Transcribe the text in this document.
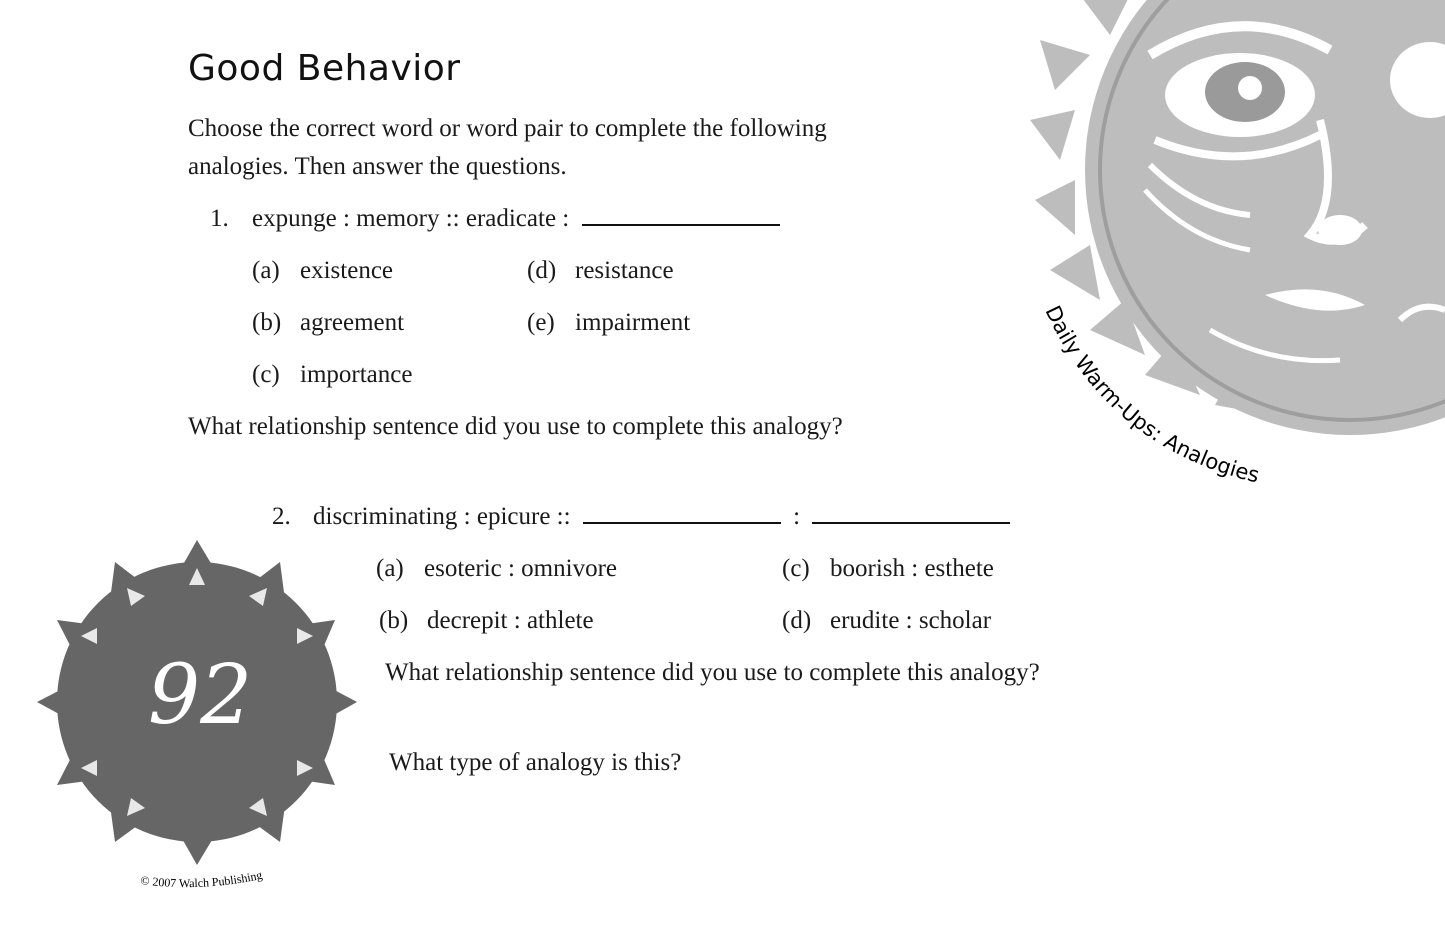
Daily Warm-Ups: Analogies
Good Behavior
Choose the correct word or word pair to complete the following
analogies. Then answer the questions.
1. expunge : memory :: eradicate :
(a) existence
(b) agreement
(c) importance
(d) resistance
(e) impairment
What relationship sentence did you use to complete this analogy?
2. discriminating : epicure ::	:
(a) esoteric : omnivore
(b) decrepit : athlete
(c) boorish : esthete
(d) erudite : scholar
What relationship sentence did you use to complete this analogy?
What type of analogy is this?
92
© 2007 Walch Publishing
